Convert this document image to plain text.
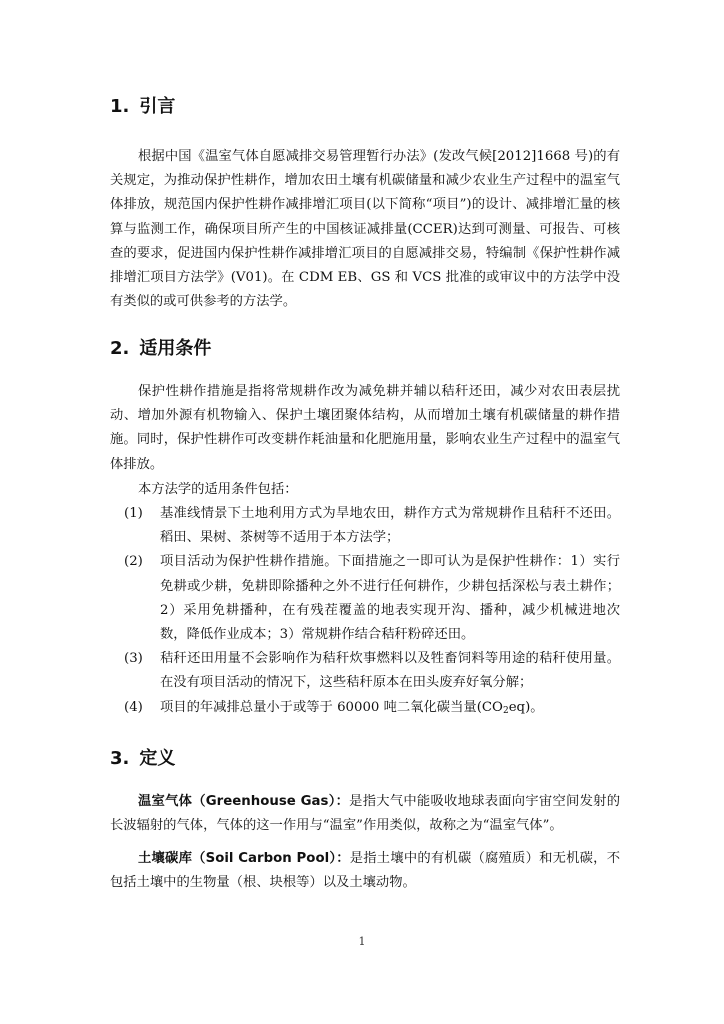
1. 引言

根据中国《温室气体自愿减排交易管理暂行办法》(发改气候[2012]1668 号)的有关规定，为推动保护性耕作，增加农田土壤有机碳储量和减少农业生产过程中的温室气体排放，规范国内保护性耕作减排增汇项目(以下简称“项目”)的设计、减排增汇量的核算与监测工作，确保项目所产生的中国核证减排量(CCER)达到可测量、可报告、可核查的要求，促进国内保护性耕作减排增汇项目的自愿减排交易，特编制《保护性耕作减排增汇项目方法学》(V01)。在 CDM EB、GS 和 VCS 批准的或审议中的方法学中没有类似的或可供参考的方法学。

2. 适用条件

保护性耕作措施是指将常规耕作改为减免耕并辅以秸秆还田，减少对农田表层扰动、增加外源有机物输入、保护土壤团聚体结构，从而增加土壤有机碳储量的耕作措施。同时，保护性耕作可改变耕作耗油量和化肥施用量，影响农业生产过程中的温室气体排放。

本方法学的适用条件包括：

(1) 基准线情景下土地利用方式为旱地农田，耕作方式为常规耕作且秸秆不还田。稻田、果树、茶树等不适用于本方法学；
(2) 项目活动为保护性耕作措施。下面措施之一即可认为是保护性耕作：1）实行免耕或少耕，免耕即除播种之外不进行任何耕作，少耕包括深松与表土耕作；2）采用免耕播种，在有残茬覆盖的地表实现开沟、播种，减少机械进地次数，降低作业成本；3）常规耕作结合秸秆粉碎还田。
(3) 秸秆还田用量不会影响作为秸秆炊事燃料以及牲畜饲料等用途的秸秆使用量。在没有项目活动的情况下，这些秸秆原本在田头废弃好氧分解；
(4) 项目的年减排总量小于或等于 60000 吨二氧化碳当量$(CO_2eq)$。
3. 定义

温室气体（Greenhouse Gas）：是指大气中能吸收地球表面向宇宙空间发射的长波辐射的气体，气体的这一作用与“温室”作用类似，故称之为“温室气体”。

土壤碳库（Soil Carbon Pool）：是指土壤中的有机碳（腐殖质）和无机碳，不包括土壤中的生物量（根、块根等）以及土壤动物。

1
